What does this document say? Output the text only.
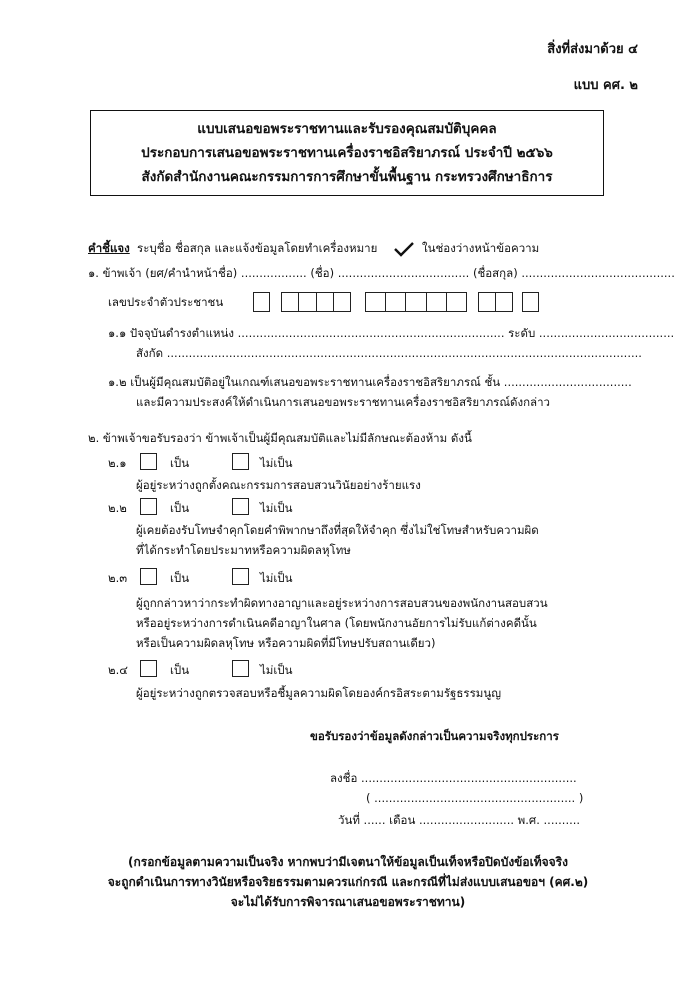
สิ่งที่ส่งมาด้วย ๔
แบบ คศ. ๒
แบบเสนอขอพระราชทานและรับรองคุณสมบัติบุคคล
ประกอบการเสนอขอพระราชทานเครื่องราชอิสริยาภรณ์ ประจำปี ๒๕๖๖
สังกัดสำนักงานคณะกรรมการการศึกษาขั้นพื้นฐาน กระทรวงศึกษาธิการ
คำชี้แจง ระบุชื่อ ชื่อสกุล และแจ้งข้อมูลโดยทำเครื่องหมาย	ในช่องว่างหน้าข้อความ
๑. ข้าพเจ้า (ยศ/คำนำหน้าชื่อ) .................. (ชื่อ) .................................... (ชื่อสกุล) ..........................................
เลขประจำตัวประชาชน
๑.๑ ปัจจุบันดำรงตำแหน่ง ......................................................................... ระดับ .....................................
สังกัด ..................................................................................................................................
๑.๒ เป็นผู้มีคุณสมบัติอยู่ในเกณฑ์เสนอขอพระราชทานเครื่องราชอิสริยาภรณ์ ชั้น ...................................
และมีความประสงค์ให้ดำเนินการเสนอขอพระราชทานเครื่องราชอิสริยาภรณ์ดังกล่าว
๒. ข้าพเจ้าขอรับรองว่า ข้าพเจ้าเป็นผู้มีคุณสมบัติและไม่มีลักษณะต้องห้าม ดังนี้
๒.๑	เป็น	ไม่เป็น
ผู้อยู่ระหว่างถูกตั้งคณะกรรมการสอบสวนวินัยอย่างร้ายแรง
๒.๒	เป็น	ไม่เป็น
ผู้เคยต้องรับโทษจำคุกโดยคำพิพากษาถึงที่สุดให้จำคุก ซึ่งไม่ใช่โทษสำหรับความผิด
ที่ได้กระทำโดยประมาทหรือความผิดลหุโทษ
๒.๓	เป็น	ไม่เป็น
ผู้ถูกกล่าวหาว่ากระทำผิดทางอาญาและอยู่ระหว่างการสอบสวนของพนักงานสอบสวน
หรืออยู่ระหว่างการดำเนินคดีอาญาในศาล (โดยพนักงานอัยการไม่รับแก้ต่างคดีนั้น
หรือเป็นความผิดลหุโทษ หรือความผิดที่มีโทษปรับสถานเดียว)
๒.๔	เป็น	ไม่เป็น
ผู้อยู่ระหว่างถูกตรวจสอบหรือชี้มูลความผิดโดยองค์กรอิสระตามรัฐธรรมนูญ
ขอรับรองว่าข้อมูลดังกล่าวเป็นความจริงทุกประการ
ลงชื่อ ...........................................................
( ....................................................... )
วันที่ ...... เดือน .......................... พ.ศ. ..........
(กรอกข้อมูลตามความเป็นจริง หากพบว่ามีเจตนาให้ข้อมูลเป็นเท็จหรือปิดบังข้อเท็จจริง
จะถูกดำเนินการทางวินัยหรือจริยธรรมตามควรแก่กรณี และกรณีที่ไม่ส่งแบบเสนอขอฯ (คศ.๒)
จะไม่ได้รับการพิจารณาเสนอขอพระราชทาน)
